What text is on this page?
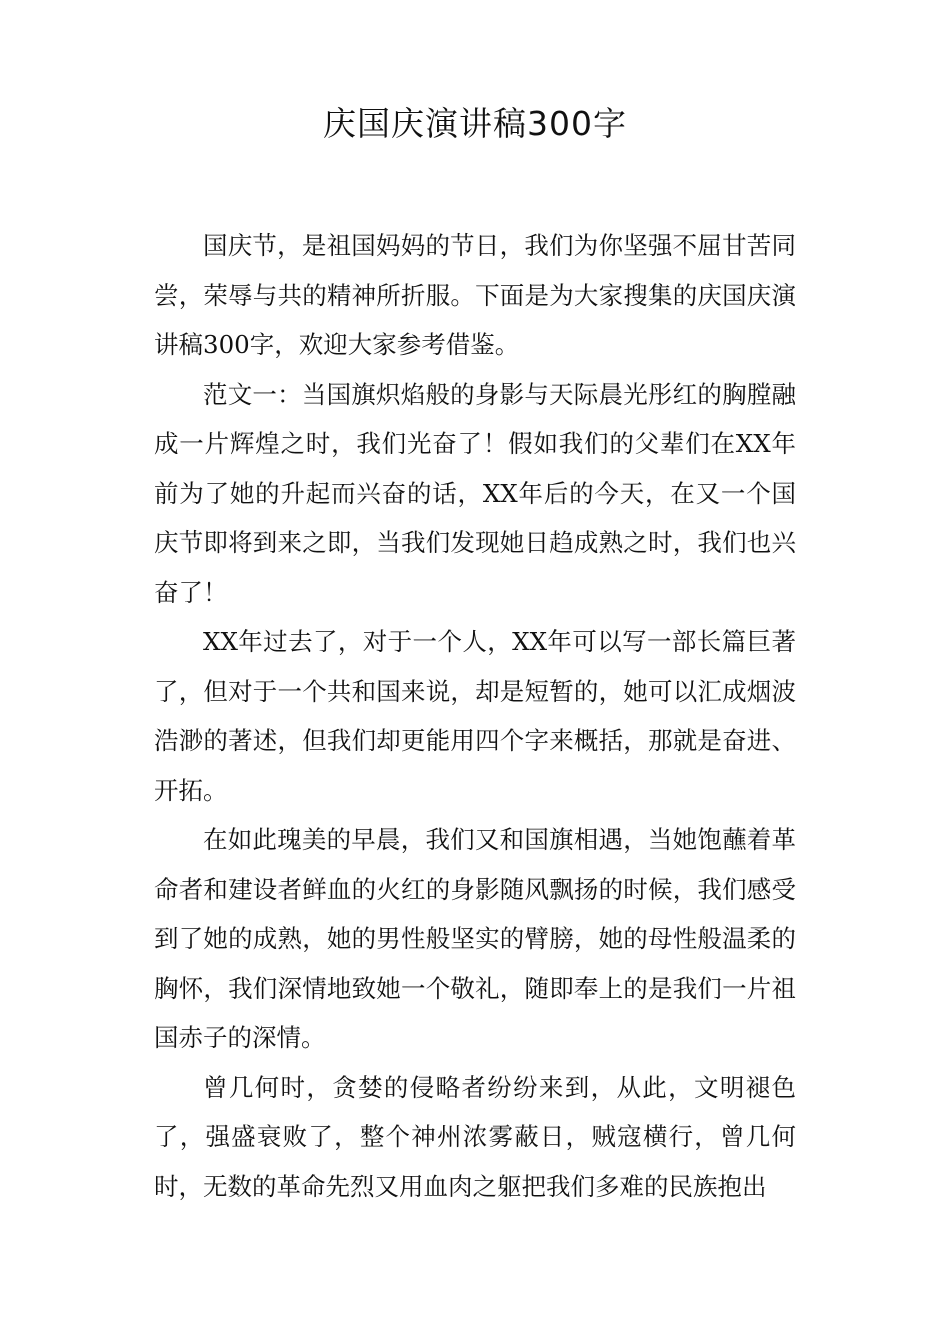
庆国庆演讲稿300字

国庆节，是祖国妈妈的节日，我们为你坚强不屈甘苦同尝，荣辱与共的精神所折服。下面是为大家搜集的庆国庆演讲稿300字，欢迎大家参考借鉴。

范文一：当国旗炽焰般的身影与天际晨光彤红的胸膛融成一片辉煌之时，我们光奋了！假如我们的父辈们在XX年前为了她的升起而兴奋的话，XX年后的今天，在又一个国庆节即将到来之即，当我们发现她日趋成熟之时，我们也兴奋了！

XX年过去了，对于一个人，XX年可以写一部长篇巨著了，但对于一个共和国来说，却是短暂的，她可以汇成烟波浩渺的著述，但我们却更能用四个字来概括，那就是奋进、开拓。

在如此瑰美的早晨，我们又和国旗相遇，当她饱蘸着革命者和建设者鲜血的火红的身影随风飘扬的时候，我们感受到了她的成熟，她的男性般坚实的臂膀，她的母性般温柔的胸怀，我们深情地致她一个敬礼，随即奉上的是我们一片祖国赤子的深情。

曾几何时，贪婪的侵略者纷纷来到，从此，文明褪色了，强盛衰败了，整个神州浓雾蔽日，贼寇横行，曾几何时，无数的革命先烈又用血肉之躯把我们多难的民族抱出
